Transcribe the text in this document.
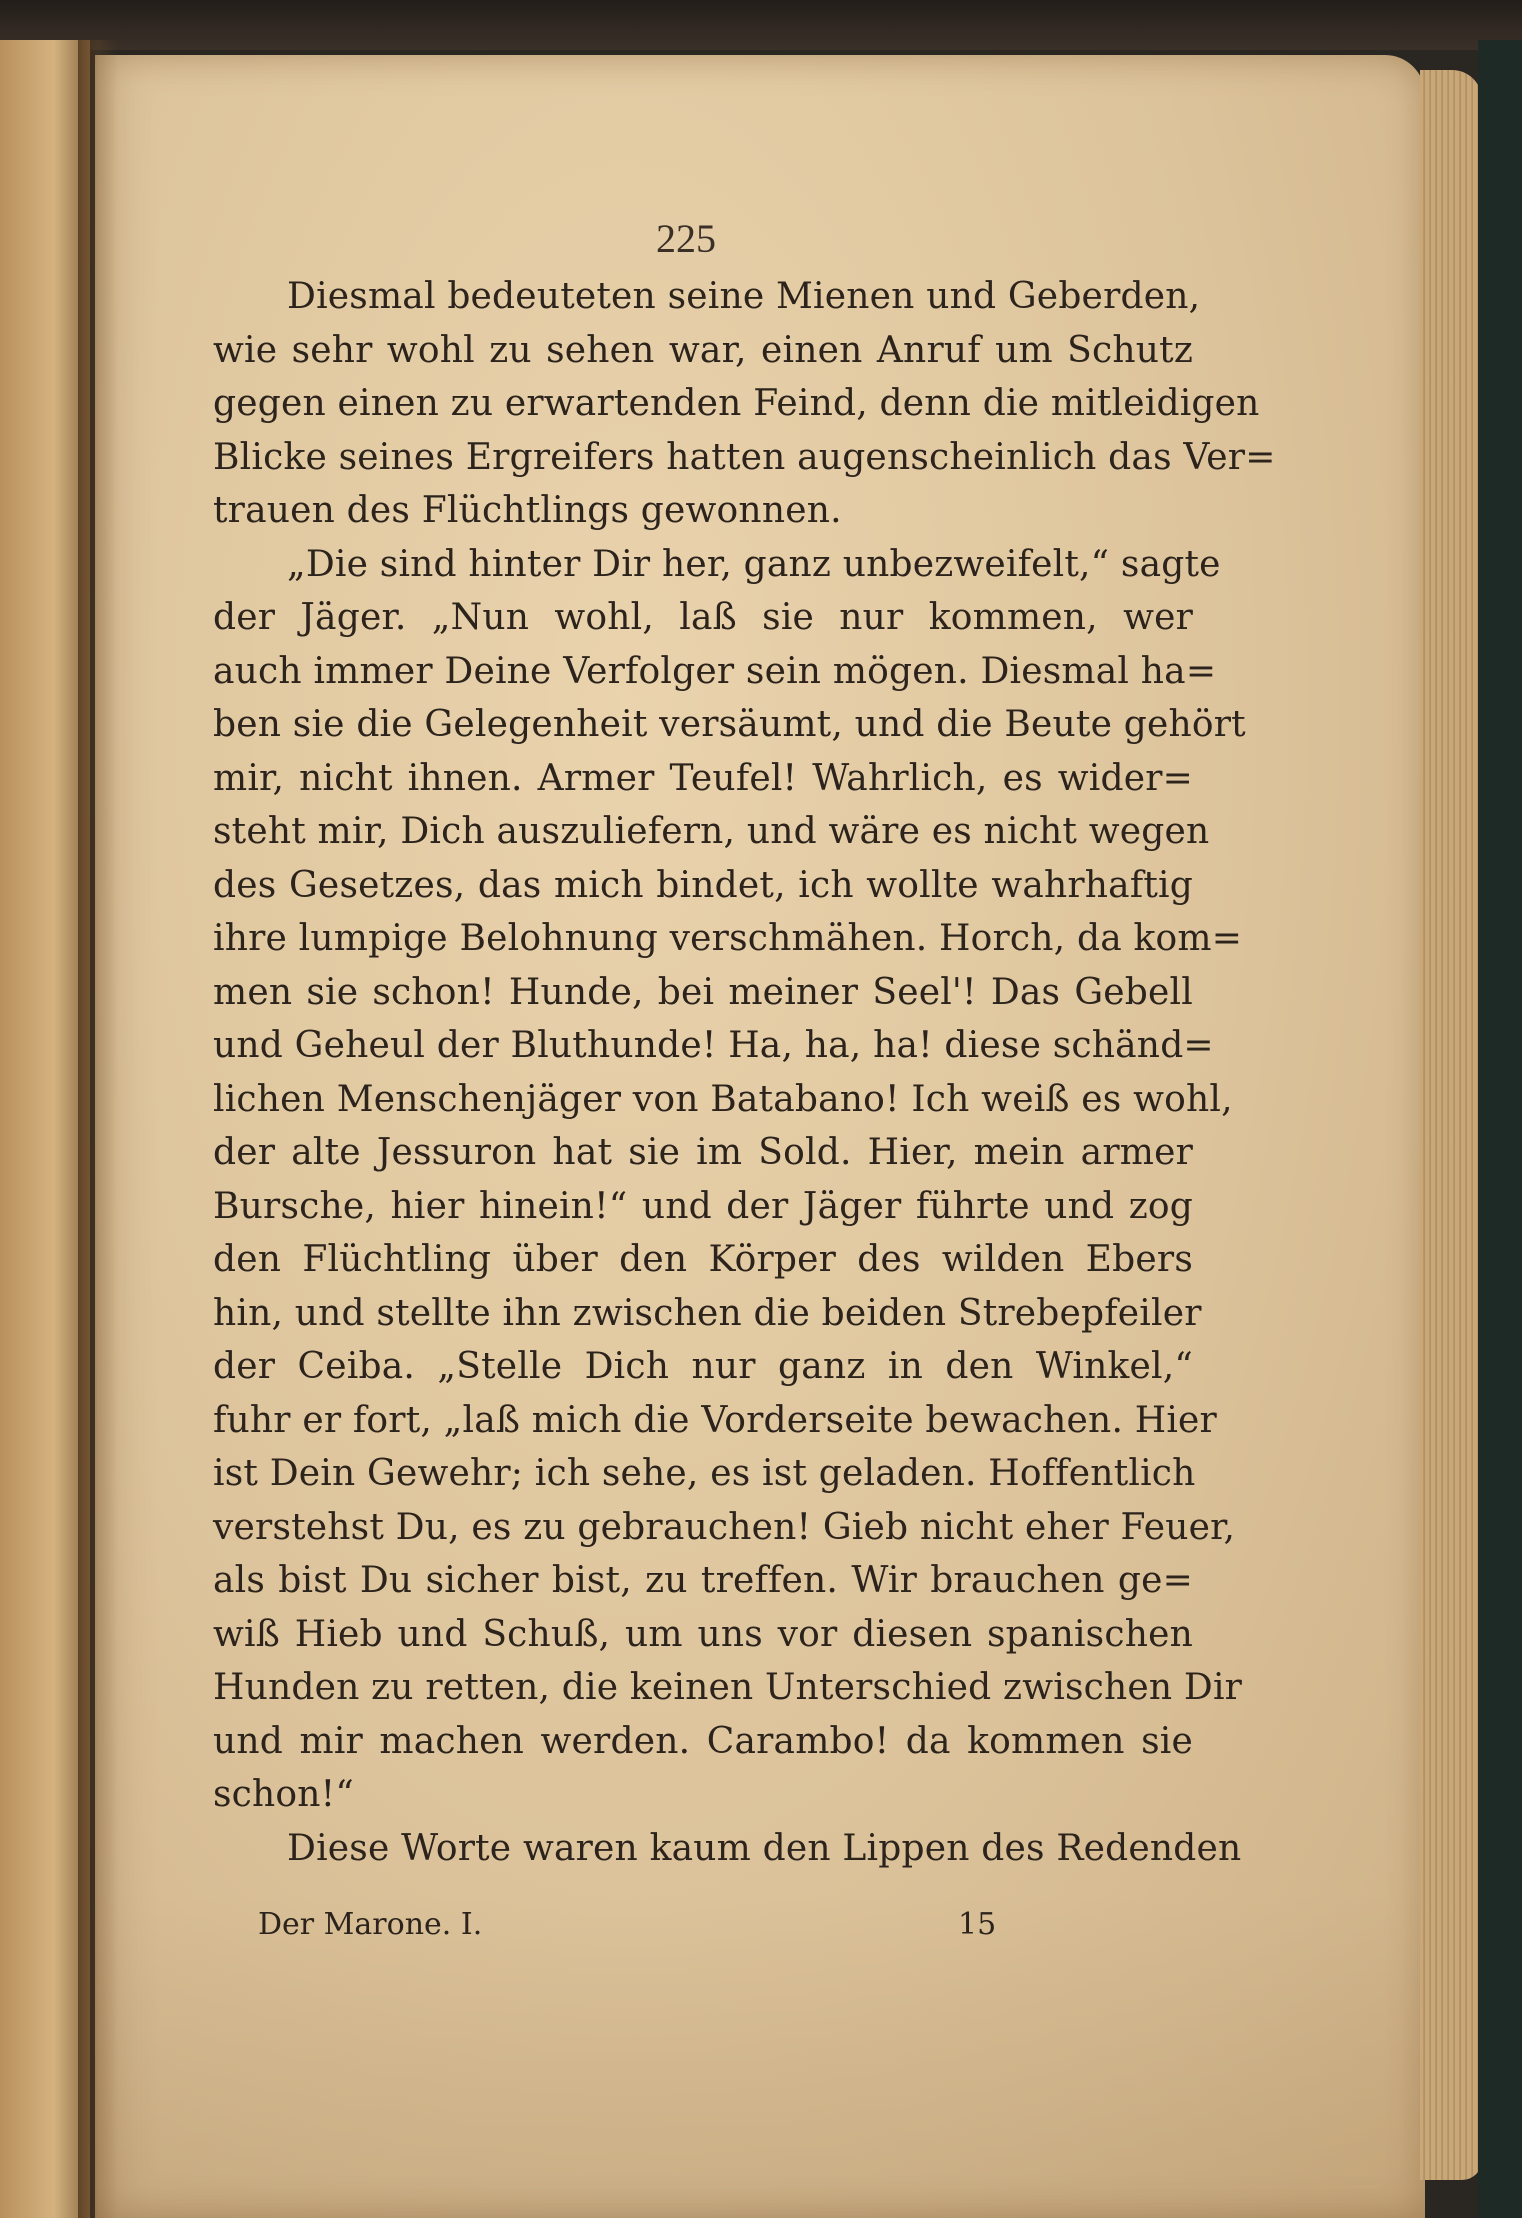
225
Diesmal bedeuteten seine Mienen und Geberden,
wie sehr wohl zu sehen war, einen Anruf um Schutz
gegen einen zu erwartenden Feind, denn die mitleidigen
Blicke seines Ergreifers hatten augenscheinlich das Ver=
trauen des Flüchtlings gewonnen.
„Die sind hinter Dir her, ganz unbezweifelt,“ sagte
der Jäger. „Nun wohl, laß sie nur kommen, wer
auch immer Deine Verfolger sein mögen. Diesmal ha=
ben sie die Gelegenheit versäumt, und die Beute gehört
mir, nicht ihnen. Armer Teufel! Wahrlich, es wider=
steht mir, Dich auszuliefern, und wäre es nicht wegen
des Gesetzes, das mich bindet, ich wollte wahrhaftig
ihre lumpige Belohnung verschmähen. Horch, da kom=
men sie schon! Hunde, bei meiner Seel'! Das Gebell
und Geheul der Bluthunde! Ha, ha, ha! diese schänd=
lichen Menschenjäger von Batabano! Ich weiß es wohl,
der alte Jessuron hat sie im Sold. Hier, mein armer
Bursche, hier hinein!“ und der Jäger führte und zog
den Flüchtling über den Körper des wilden Ebers
hin, und stellte ihn zwischen die beiden Strebepfeiler
der Ceiba. „Stelle Dich nur ganz in den Winkel,“
fuhr er fort, „laß mich die Vorderseite bewachen. Hier
ist Dein Gewehr; ich sehe, es ist geladen. Hoffentlich
verstehst Du, es zu gebrauchen! Gieb nicht eher Feuer,
als bist Du sicher bist, zu treffen. Wir brauchen ge=
wiß Hieb und Schuß, um uns vor diesen spanischen
Hunden zu retten, die keinen Unterschied zwischen Dir
und mir machen werden. Carambo! da kommen sie
schon!“
Diese Worte waren kaum den Lippen des Redenden
Der Marone. I.	15
